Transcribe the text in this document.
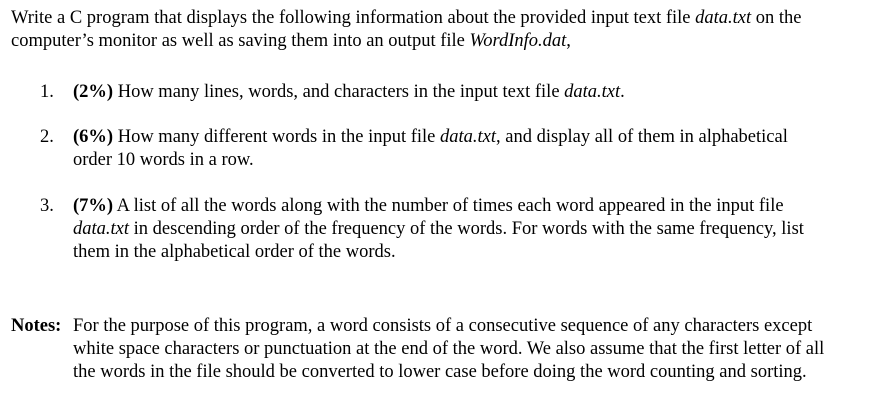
Write a C program that displays the following information about the provided input text file data.txt on the computer’s monitor as well as saving them into an output file WordInfo.dat,

1.	(2%) How many lines, words, and characters in the input text file data.txt.
2.	(6%) How many different words in the input file data.txt, and display all of them in alphabetical order 10 words in a row.
3.	(7%) A list of all the words along with the number of times each word appeared in the input file data.txt in descending order of the frequency of the words. For words with the same frequency, list them in the alphabetical order of the words.
Notes: For the purpose of this program, a word consists of a consecutive sequence of any characters except white space characters or punctuation at the end of the word. We also assume that the first letter of all the words in the file should be converted to lower case before doing the word counting and sorting.
